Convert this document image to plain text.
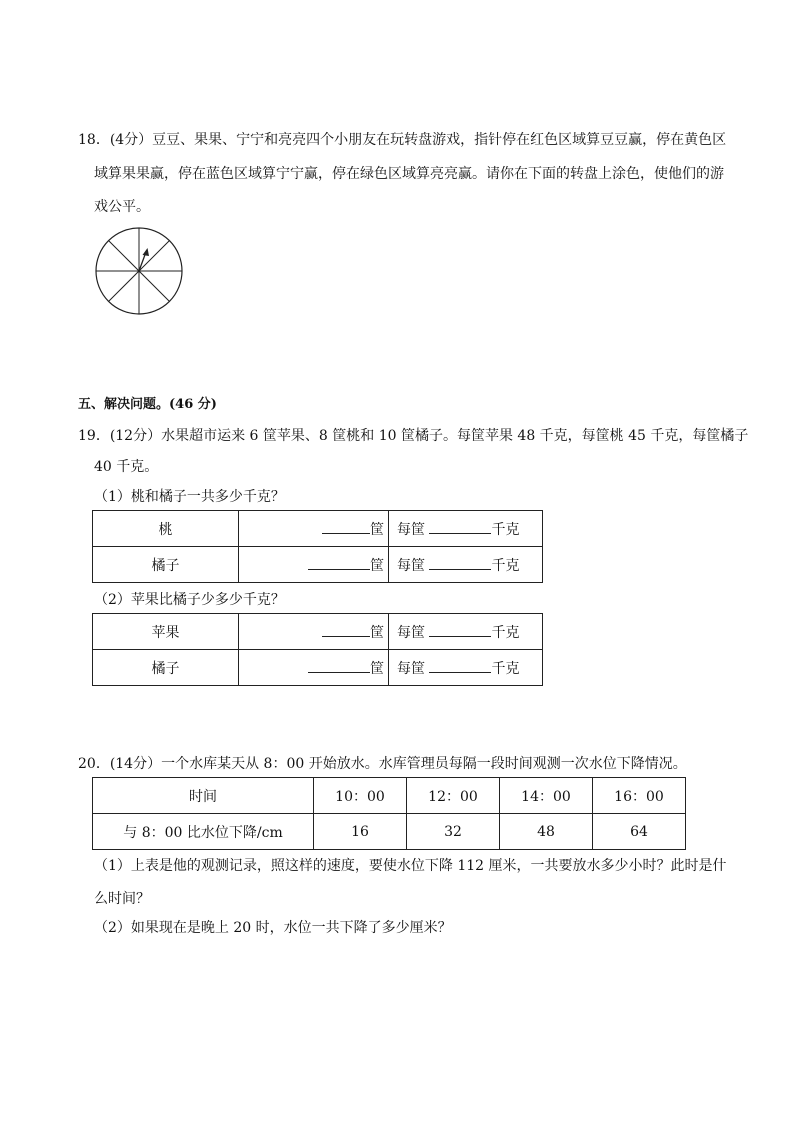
18．(4分）豆豆、果果、宁宁和亮亮四个小朋友在玩转盘游戏，指针停在红色区域算豆豆赢，停在黄色区
域算果果赢，停在蓝色区域算宁宁赢，停在绿色区域算亮亮赢。请你在下面的转盘上涂色，使他们的游
戏公平。
五、解决问题。(46 分)
19．(12分）水果超市运来 6 筐苹果、8 筐桃和 10 筐橘子。每筐苹果 48 千克，每筐桃 45 千克，每筐橘子
40 千克。
（1）桃和橘子一共多少千克？
桃	筐	每筐 千克
橘子	筐	每筐 千克
（2）苹果比橘子少多少千克？
苹果	筐	每筐 千克
橘子	筐	每筐 千克
20．(14分）一个水库某天从 8：00 开始放水。水库管理员每隔一段时间观测一次水位下降情况。
时间	10：00	12：00	14：00	16：00
与 8：00 比水位下降/cm	16	32	48	64
（1）上表是他的观测记录，照这样的速度，要使水位下降 112 厘米，一共要放水多少小时？此时是什
么时间？
（2）如果现在是晚上 20 时，水位一共下降了多少厘米？
